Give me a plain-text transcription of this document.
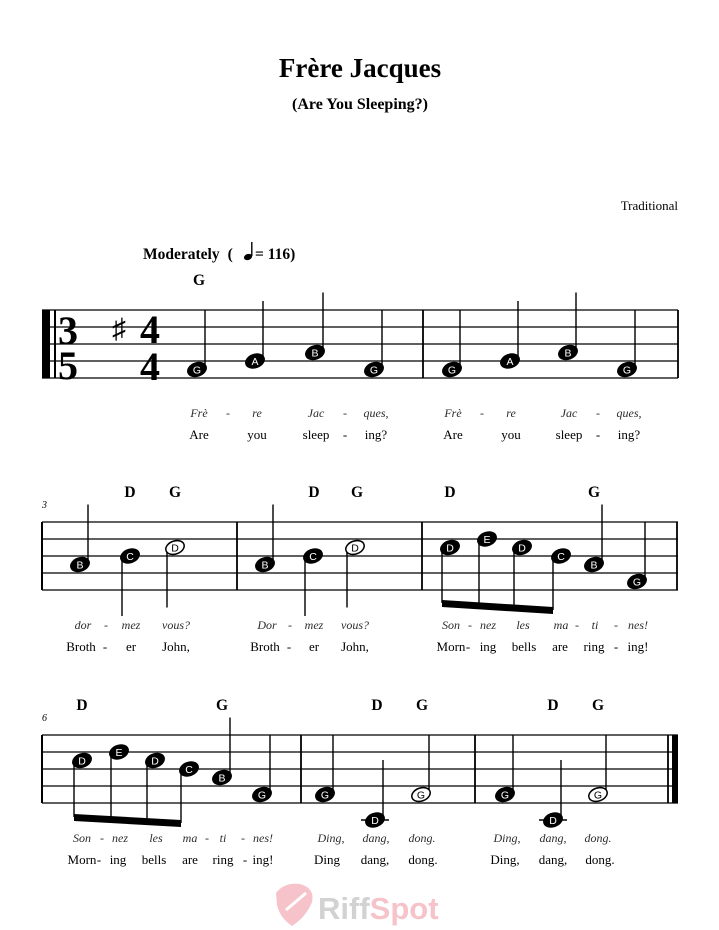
Frère Jacques
(Are You Sleeping?)
Traditional
Moderately ( = 116)
3
5
♯ 4
4
G
G
A
B
G	G
A
B
G
Frè - re	Jac - ques,	Frè - re	Jac - ques,
Are	you	sleep - ing?	Are	you	sleep - ing?
3
D G	D G	D	G
B
C
D
B
C
D	D
E
D
C
B
G
dor - mez vous?	Dor - mez vous?	Son - nez les ma - ti - nes!
Broth - er John,	Broth - er John,	Morn - ing bells are ring - ing!
6
D	G	D G	D G
D
E
D
C
B
G	G
D
G	G
D
G
Son - nez les ma - ti - nes!	Ding, dang, dong.	Ding, dang, dong.
Morn - ing bells are ring - ing!	Ding dang, dong.	Ding, dang, dong.
RiffSpot
